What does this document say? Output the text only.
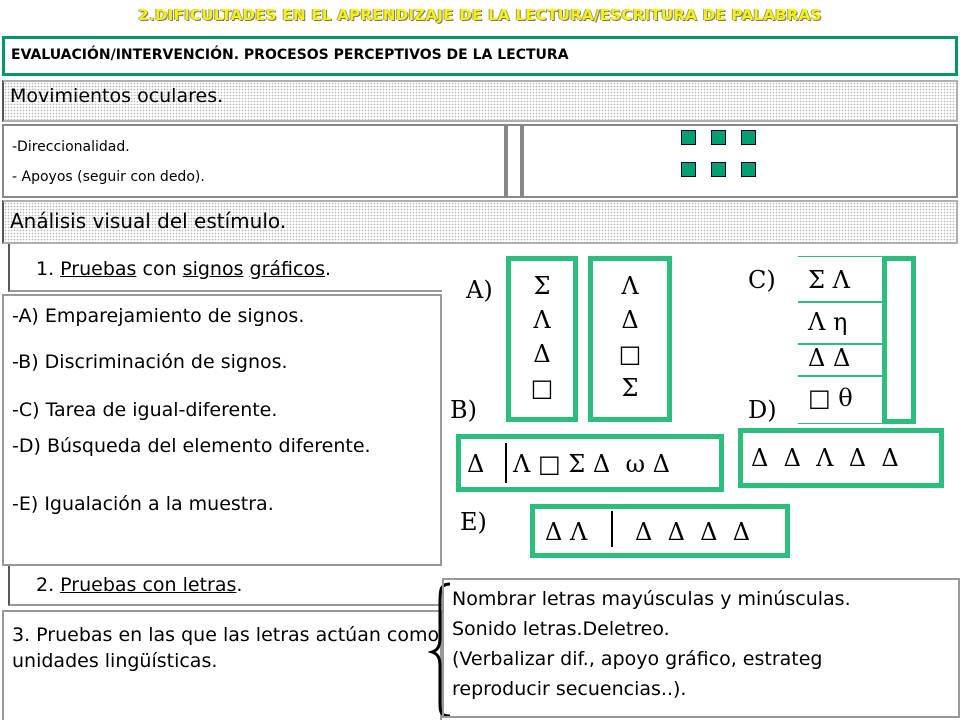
2.DIFICULTADES EN EL APRENDIZAJE DE LA LECTURA/ESCRITURA DE PALABRAS
EVALUACIÓN/INTERVENCIÓN. PROCESOS PERCEPTIVOS DE LA LECTURA
Movimientos oculares.
-Direccionalidad.
- Apoyos (seguir con dedo).
Análisis visual del estímulo.
1. Pruebas con signos gráficos.
-A) Emparejamiento de signos.
-B) Discriminación de signos.
-C) Tarea de igual-diferente.
-D) Búsqueda del elemento diferente.
-E) Igualación a la muestra.
2. Pruebas con letras.
3. Pruebas en las que las letras actúan como unidades lingüísticas.
Nombrar letras mayúsculas y minúsculas.
Sonido letras.Deletreo.
(Verbalizar dif., apoyo gráfico, estrateg
reproducir secuencias..).
A)	Σ
Λ
Δ
□
Λ
Δ
□
Σ
C)	Σ Λ
Λ η
Δ Δ
□ θ
B)
Δ Λ □ Σ Δ  ω Δ
D)
Δ  Δ  Λ  Δ  Δ
E) Δ Λ Δ  Δ  Δ  Δ
